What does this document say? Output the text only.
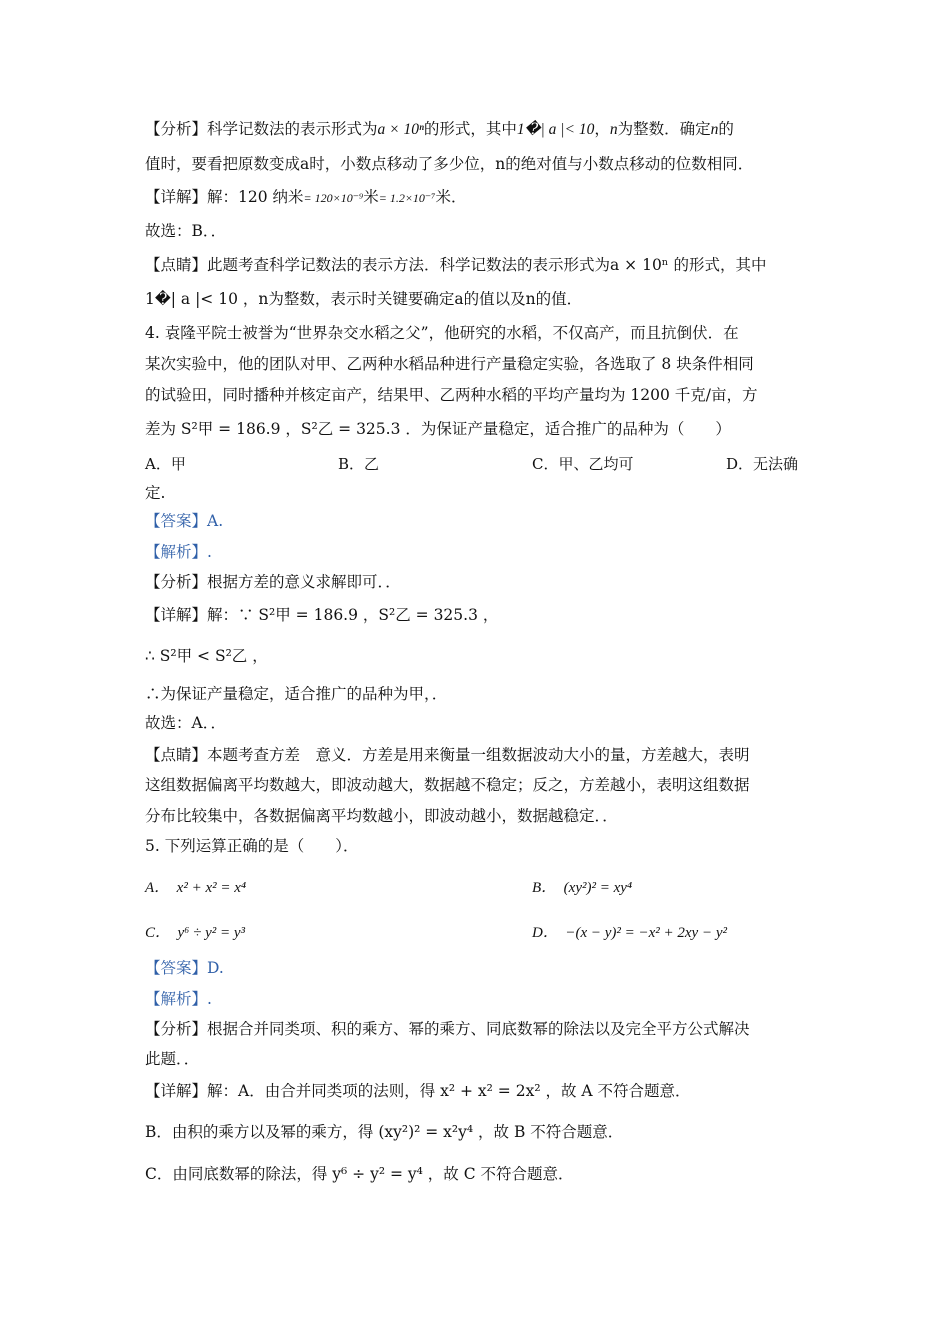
【分析】科学记数法的表示形式为a × 10ⁿ的形式，其中1�| a |< 10，n为整数．确定n的
值时，要看把原数变成a时，小数点移动了多少位，n的绝对值与小数点移动的位数相同．
【详解】解：120 纳米= 120×10⁻⁹米= 1.2×10⁻⁷米．
故选：B．．
【点睛】此题考查科学记数法的表示方法．科学记数法的表示形式为a × 10ⁿ 的形式，其中
1�| a |< 10 ，n为整数，表示时关键要确定a的值以及n的值．
4. 袁隆平院士被誉为“世界杂交水稻之父”，他研究的水稻，不仅高产，而且抗倒伏．在
某次实验中，他的团队对甲、乙两种水稻品种进行产量稳定实验，各选取了 8 块条件相同
的试验田，同时播种并核定亩产，结果甲、乙两种水稻的平均产量均为 1200 千克/亩，方
差为 S²甲 = 186.9 ，S²乙 = 325.3 ．为保证产量稳定，适合推广的品种为（　　）
A．甲	B．乙	C．甲、乙均可	D．无法确
定.
【答案】A.
【解析】.
【分析】根据方差的意义求解即可．．
【详解】解：∵ S²甲 = 186.9 ，S²乙 = 325.3 ，
∴ S²甲 < S²乙 ，
∴为保证产量稳定，适合推广的品种为甲，．
故选：A．．
【点睛】本题考查方差　意义．方差是用来衡量一组数据波动大小的量，方差越大，表明
这组数据偏离平均数越大，即波动越大，数据越不稳定；反之，方差越小，表明这组数据
分布比较集中，各数据偏离平均数越小，即波动越小，数据越稳定．．
5. 下列运算正确的是（　　）．
A．　x² + x² = x⁴	B．　(xy²)² = xy⁴
C．　y⁶ ÷ y² = y³	D．　−(x − y)² = −x² + 2xy − y²
【答案】D.
【解析】.
【分析】根据合并同类项、积的乘方、幂的乘方、同底数幂的除法以及完全平方公式解决
此题．．
【详解】解：A．由合并同类项的法则，得 x² + x² = 2x² ，故 A 不符合题意．
B．由积的乘方以及幂的乘方，得 (xy²)² = x²y⁴ ，故 B 不符合题意．
C．由同底数幂的除法，得 y⁶ ÷ y² = y⁴ ，故 C 不符合题意．
